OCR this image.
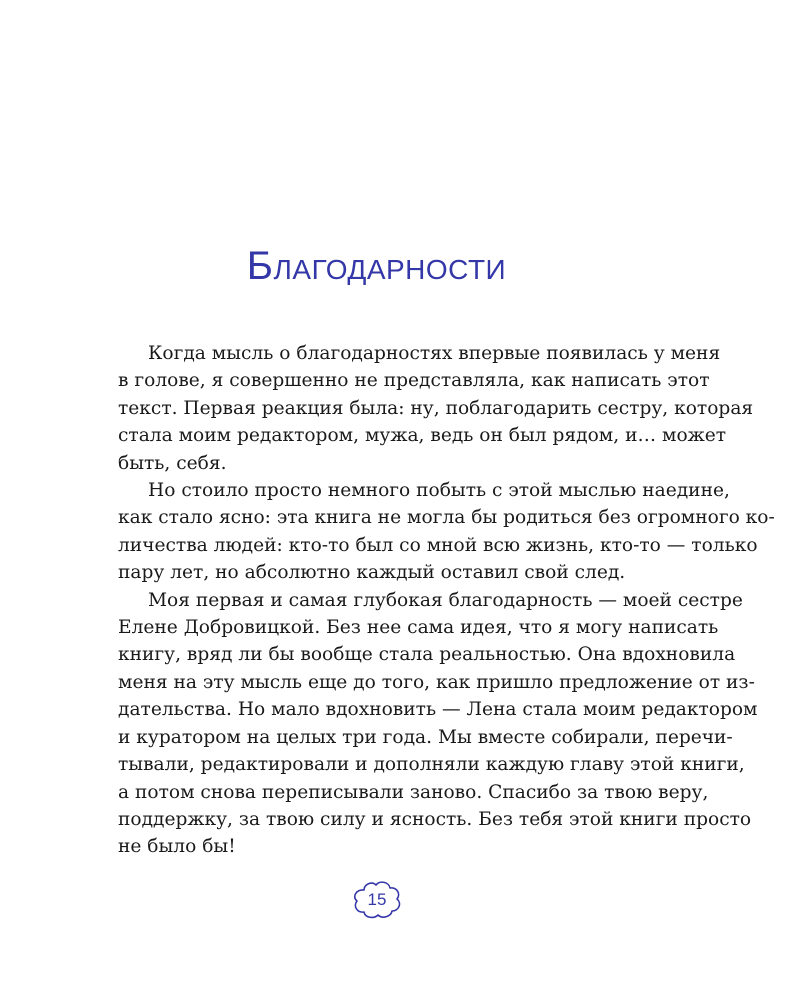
Благодарности

Когда мысль о благодарностях впервые появилась у меня
в голове, я совершенно не представляла, как написать этот
текст. Первая реакция была: ну, поблагодарить сестру, которая
стала моим редактором, мужа, ведь он был рядом, и… может
быть, себя.

Но стоило просто немного побыть с этой мыслью наедине,
как стало ясно: эта книга не могла бы родиться без огромного ко-
личества людей: кто-то был со мной всю жизнь, кто-то — только
пару лет, но абсолютно каждый оставил свой след.

Моя первая и самая глубокая благодарность — моей сестре
Елене Добровицкой. Без нее сама идея, что я могу написать
книгу, вряд ли бы вообще стала реальностью. Она вдохновила
меня на эту мысль еще до того, как пришло предложение от из-
дательства. Но мало вдохновить — Лена стала моим редактором
и куратором на целых три года. Мы вместе собирали, перечи-
тывали, редактировали и дополняли каждую главу этой книги,
а потом снова переписывали заново. Спасибо за твою веру,
поддержку, за твою силу и ясность. Без тебя этой книги просто
не было бы!

15
